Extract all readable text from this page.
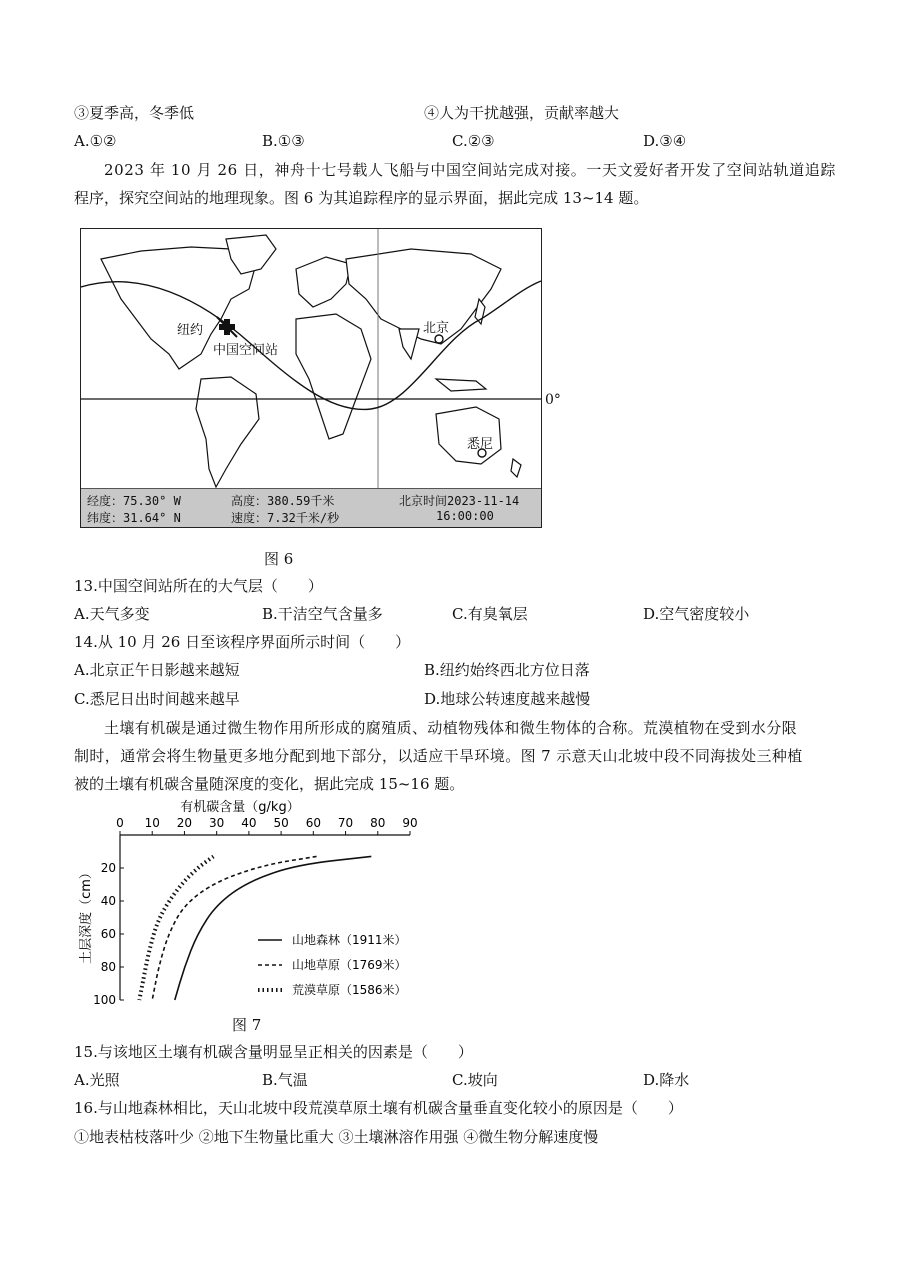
③夏季高，冬季低	④人为干扰越强，贡献率越大
A.①②	B.①③	C.②③	D.③④
2023 年 10 月 26 日，神舟十七号载人飞船与中国空间站完成对接。一天文爱好者开发了空间站轨道追踪
程序，探究空间站的地理现象。图 6 为其追踪程序的显示界面，据此完成 13~14 题。
纽约
中国空间站
北京
悉尼
经度：75.30° W
纬度：31.64° N
高度：380.59千米
速度：7.32千米/秒
北京时间2023-11-14
16:00:00
0°
图 6
13.中国空间站所在的大气层（　　）
A.天气多变	B.干洁空气含量多	C.有臭氧层	D.空气密度较小
14.从 10 月 26 日至该程序界面所示时间（　　）
A.北京正午日影越来越短	B.纽约始终西北方位日落
C.悉尼日出时间越来越早	D.地球公转速度越来越慢
土壤有机碳是通过微生物作用所形成的腐殖质、动植物残体和微生物体的合称。荒漠植物在受到水分限
制时，通常会将生物量更多地分配到地下部分，以适应干旱环境。图 7 示意天山北坡中段不同海拔处三种植
被的土壤有机碳含量随深度的变化，据此完成 15~16 题。
有机碳含量（g/kg）
0 10 20 30 40 50 60 70 80 90
20
40
60
80
100
土层深度（cm）	山地森林（1911米）
山地草原（1769米）
荒漠草原（1586米）
图 7
15.与该地区土壤有机碳含量明显呈正相关的因素是（　　）
A.光照	B.气温	C.坡向	D.降水
16.与山地森林相比，天山北坡中段荒漠草原土壤有机碳含量垂直变化较小的原因是（　　）
①地表枯枝落叶少 ②地下生物量比重大 ③土壤淋溶作用强 ④微生物分解速度慢
